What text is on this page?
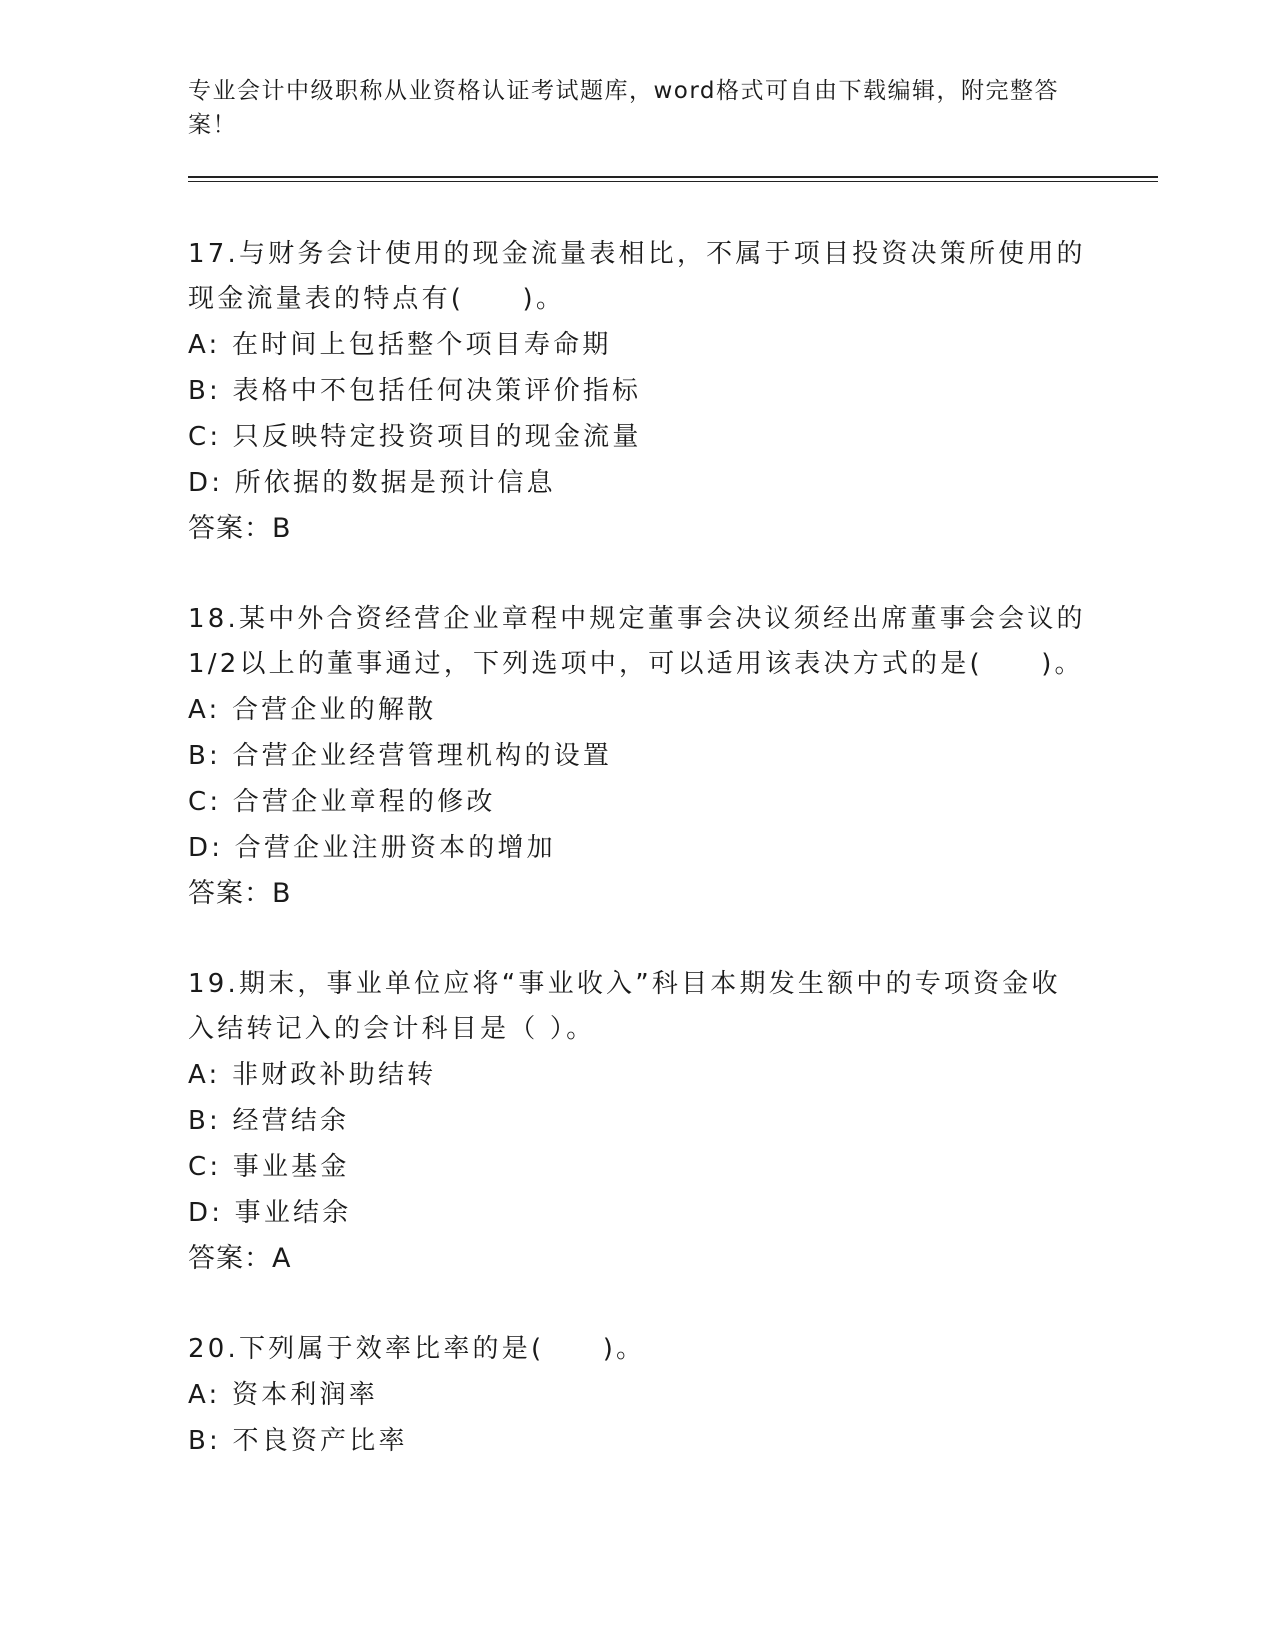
专业会计中级职称从业资格认证考试题库，word格式可自由下载编辑，附完整答案！

17.与财务会计使用的现金流量表相比，不属于项目投资决策所使用的现金流量表的特点有(　　)。

A: 在时间上包括整个项目寿命期

B: 表格中不包括任何决策评价指标

C: 只反映特定投资项目的现金流量

D: 所依据的数据是预计信息

答案：B

18.某中外合资经营企业章程中规定董事会决议须经出席董事会会议的1/2以上的董事通过，下列选项中，可以适用该表决方式的是(　　)。

A: 合营企业的解散

B: 合营企业经营管理机构的设置

C: 合营企业章程的修改

D: 合营企业注册资本的增加

答案：B

19.期末，事业单位应将“事业收入”科目本期发生额中的专项资金收入结转记入的会计科目是（ ）。

A: 非财政补助结转

B: 经营结余

C: 事业基金

D: 事业结余

答案：A

20.下列属于效率比率的是(　　)。

A: 资本利润率

B: 不良资产比率
